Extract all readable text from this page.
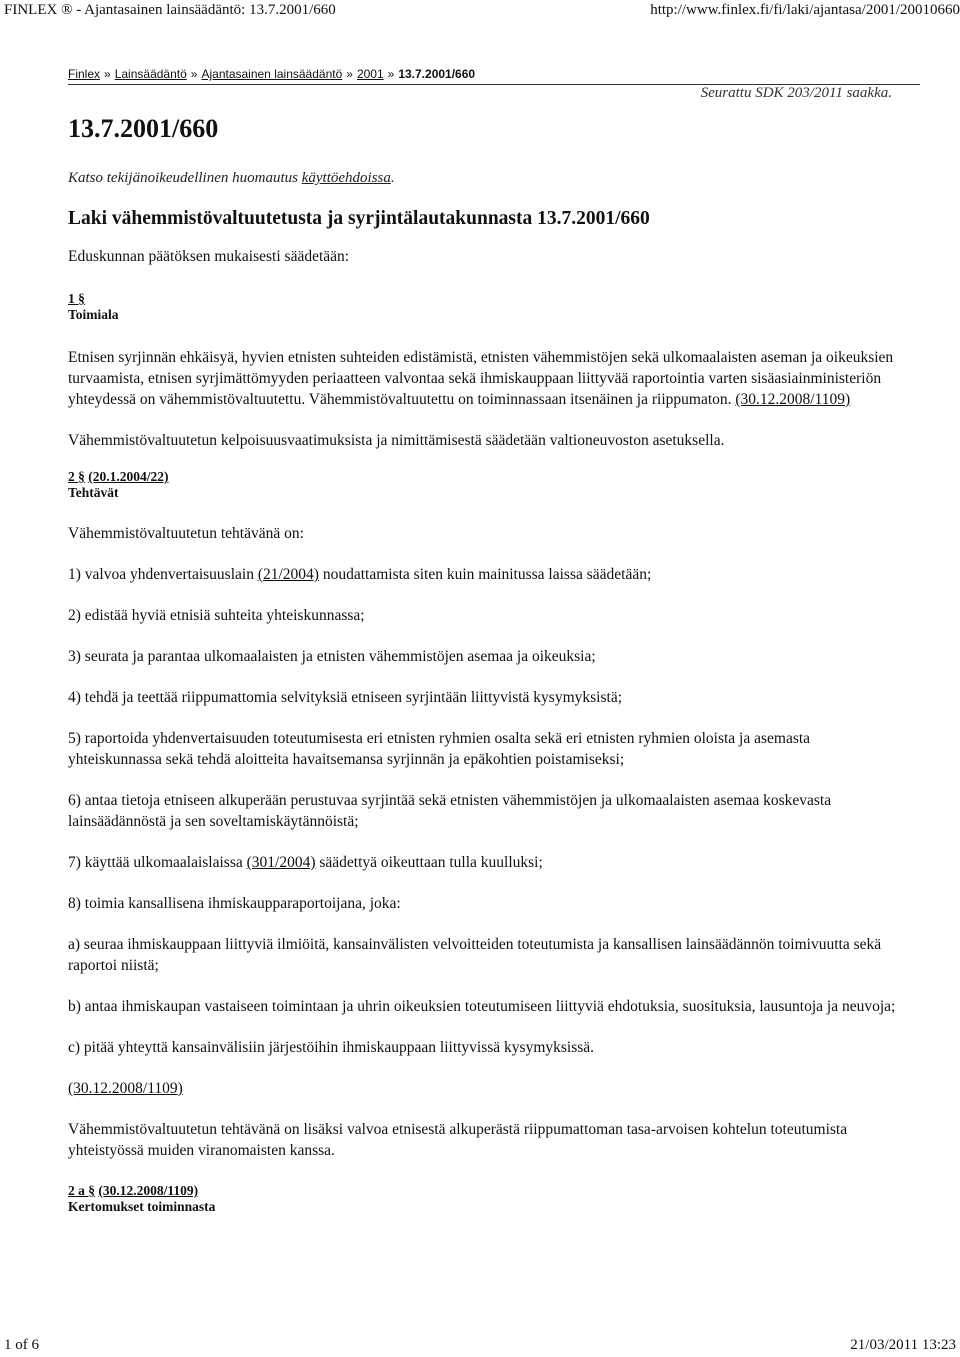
FINLEX ® - Ajantasainen lainsäädäntö: 13.7.2001/660	http://www.finlex.fi/fi/laki/ajantasa/2001/20010660
Finlex » Lainsäädäntö » Ajantasainen lainsäädäntö » 2001 » 13.7.2001/660
Seurattu SDK 203/2011 saakka.
13.7.2001/660

Katso tekijänoikeudellinen huomautus käyttöehdoissa.

Laki vähemmistövaltuutetusta ja syrjintälautakunnasta 13.7.2001/660

Eduskunnan päätöksen mukaisesti säädetään:

1 §
Toimiala

Etnisen syrjinnän ehkäisyä, hyvien etnisten suhteiden edistämistä, etnisten vähemmistöjen sekä ulkomaalaisten aseman ja oikeuksien turvaamista, etnisen syrjimättömyyden periaatteen valvontaa sekä ihmiskauppaan liittyvää raportointia varten sisäasiainministeriön yhteydessä on vähemmistövaltuutettu. Vähemmistövaltuutettu on toiminnassaan itsenäinen ja riippumaton. (30.12.2008/1109)

Vähemmistövaltuutetun kelpoisuusvaatimuksista ja nimittämisestä säädetään valtioneuvoston asetuksella.

2 § (20.1.2004/22)
Tehtävät

Vähemmistövaltuutetun tehtävänä on:

1) valvoa yhdenvertaisuuslain (21/2004) noudattamista siten kuin mainitussa laissa säädetään;

2) edistää hyviä etnisiä suhteita yhteiskunnassa;

3) seurata ja parantaa ulkomaalaisten ja etnisten vähemmistöjen asemaa ja oikeuksia;

4) tehdä ja teettää riippumattomia selvityksiä etniseen syrjintään liittyvistä kysymyksistä;

5) raportoida yhdenvertaisuuden toteutumisesta eri etnisten ryhmien osalta sekä eri etnisten ryhmien oloista ja asemasta yhteiskunnassa sekä tehdä aloitteita havaitsemansa syrjinnän ja epäkohtien poistamiseksi;

6) antaa tietoja etniseen alkuperään perustuvaa syrjintää sekä etnisten vähemmistöjen ja ulkomaalaisten asemaa koskevasta lainsäädännöstä ja sen soveltamiskäytännöistä;

7) käyttää ulkomaalaislaissa (301/2004) säädettyä oikeuttaan tulla kuulluksi;

8) toimia kansallisena ihmiskaupparaportoijana, joka:

a) seuraa ihmiskauppaan liittyviä ilmiöitä, kansainvälisten velvoitteiden toteutumista ja kansallisen lainsäädännön toimivuutta sekä raportoi niistä;

b) antaa ihmiskaupan vastaiseen toimintaan ja uhrin oikeuksien toteutumiseen liittyviä ehdotuksia, suosituksia, lausuntoja ja neuvoja;

c) pitää yhteyttä kansainvälisiin järjestöihin ihmiskauppaan liittyvissä kysymyksissä.

(30.12.2008/1109)

Vähemmistövaltuutetun tehtävänä on lisäksi valvoa etnisestä alkuperästä riippumattoman tasa-arvoisen kohtelun toteutumista yhteistyössä muiden viranomaisten kanssa.

2 a § (30.12.2008/1109)
Kertomukset toiminnasta
1 of 6	21/03/2011 13:23
